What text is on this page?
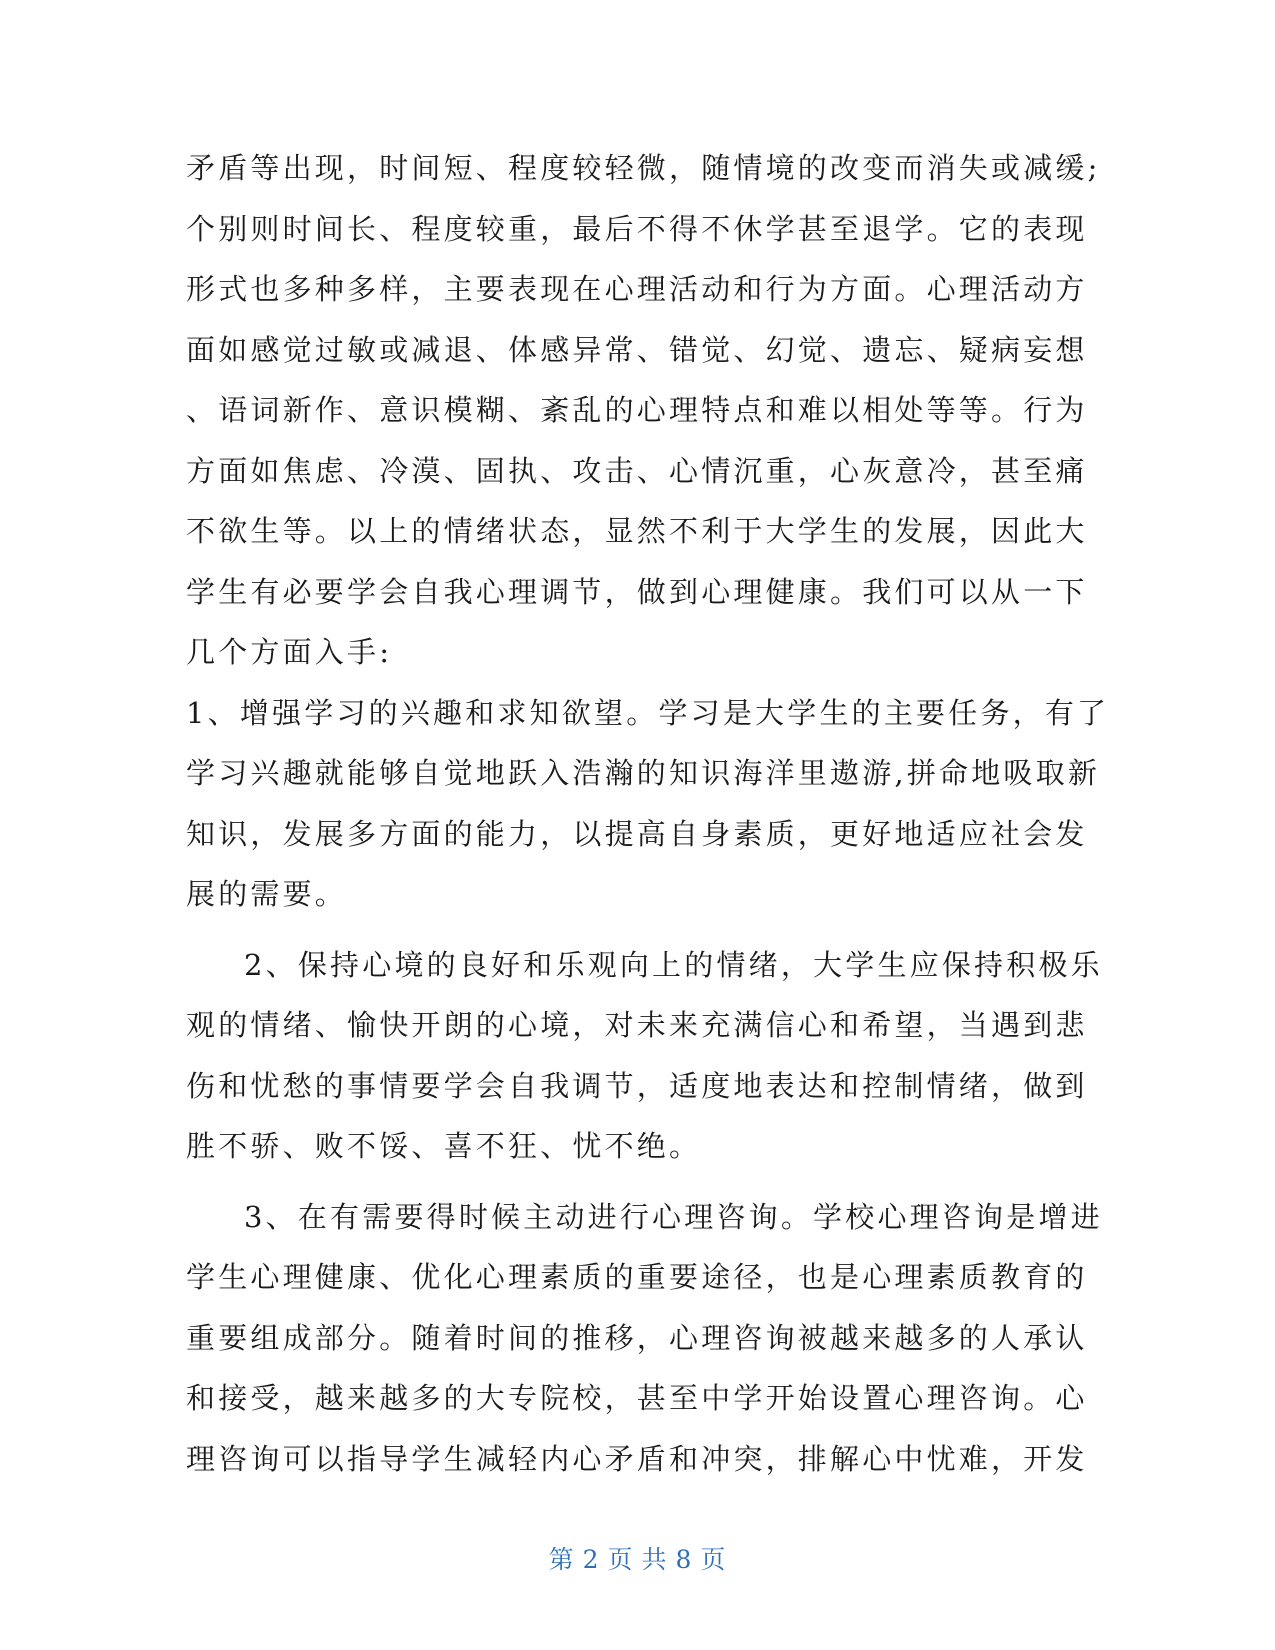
矛盾等出现，时间短、程度较轻微，随情境的改变而消失或减缓;
个别则时间长、程度较重，最后不得不休学甚至退学。它的表现
形式也多种多样，主要表现在心理活动和行为方面。心理活动方
面如感觉过敏或减退、体感异常、错觉、幻觉、遗忘、疑病妄想
、语词新作、意识模糊、紊乱的心理特点和难以相处等等。行为
方面如焦虑、冷漠、固执、攻击、心情沉重，心灰意冷，甚至痛
不欲生等。以上的情绪状态，显然不利于大学生的发展，因此大
学生有必要学会自我心理调节，做到心理健康。我们可以从一下
几个方面入手:
1、增强学习的兴趣和求知欲望。学习是大学生的主要任务，有了
学习兴趣就能够自觉地跃入浩瀚的知识海洋里遨游,拼命地吸取新
知识，发展多方面的能力，以提高自身素质，更好地适应社会发
展的需要。
2、保持心境的良好和乐观向上的情绪，大学生应保持积极乐
观的情绪、愉快开朗的心境，对未来充满信心和希望，当遇到悲
伤和忧愁的事情要学会自我调节，适度地表达和控制情绪，做到
胜不骄、败不馁、喜不狂、忧不绝。
3、在有需要得时候主动进行心理咨询。学校心理咨询是增进
学生心理健康、优化心理素质的重要途径，也是心理素质教育的
重要组成部分。随着时间的推移，心理咨询被越来越多的人承认
和接受，越来越多的大专院校，甚至中学开始设置心理咨询。心
理咨询可以指导学生减轻内心矛盾和冲突，排解心中忧难，开发
第 2 页 共 8 页
